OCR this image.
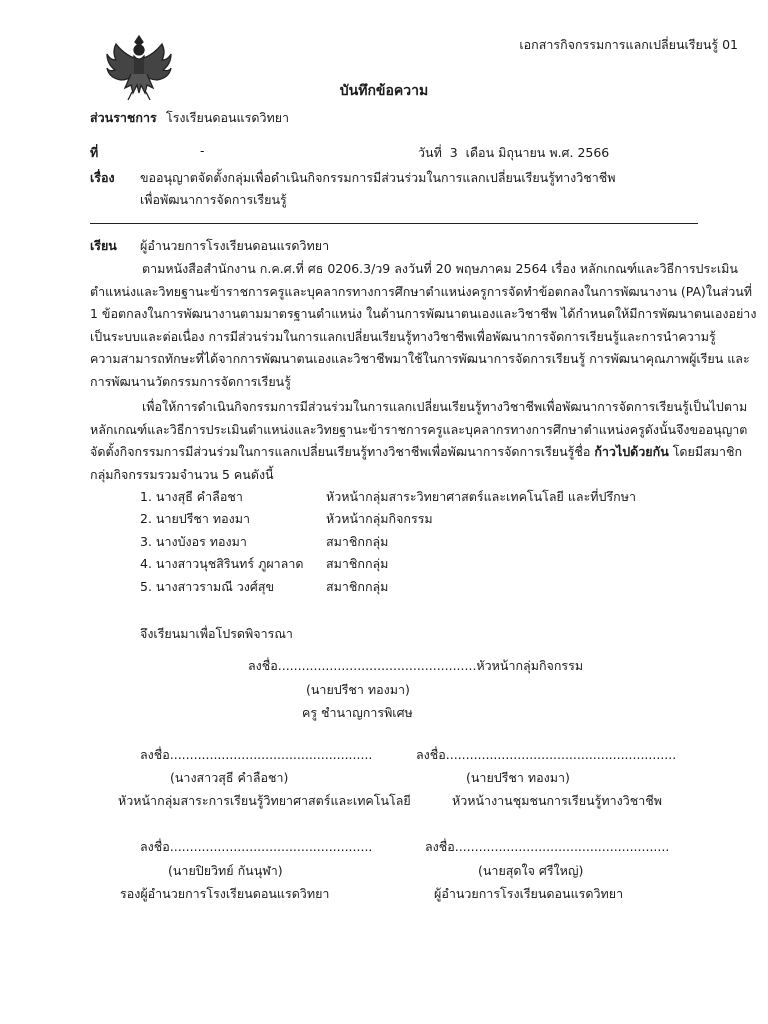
เอกสารกิจกรรมการแลกเปลี่ยนเรียนรู้ 01
บันทึกข้อความ
ส่วนราชการ โรงเรียนดอนแรดวิทยา
ที่	-	วันที่ 3 เดือน มิถุนายน พ.ศ. 2566
เรื่อง ขออนุญาตจัดตั้งกลุ่มเพื่อดำเนินกิจกรรมการมีส่วนร่วมในการแลกเปลี่ยนเรียนรู้ทางวิชาชีพ
เพื่อพัฒนาการจัดการเรียนรู้
เรียน ผู้อำนวยการโรงเรียนดอนแรดวิทยา
ตามหนังสือสำนักงาน ก.ค.ศ.ที่ ศธ 0206.3/ว9 ลงวันที่ 20 พฤษภาคม 2564 เรื่อง หลักเกณฑ์และวิธีการประเมิน
ตำแหน่งและวิทยฐานะข้าราชการครูและบุคลากรทางการศึกษาตำแหน่งครูการจัดทำข้อตกลงในการพัฒนางาน (PA)ในส่วนที่
1 ข้อตกลงในการพัฒนางานตามมาตรฐานตำแหน่ง ในด้านการพัฒนาตนเองและวิชาชีพ ได้กำหนดให้มีการพัฒนาตนเองอย่าง
เป็นระบบและต่อเนื่อง การมีส่วนร่วมในการแลกเปลี่ยนเรียนรู้ทางวิชาชีพเพื่อพัฒนาการจัดการเรียนรู้และการนำความรู้
ความสามารถทักษะที่ได้จากการพัฒนาตนเองและวิชาชีพมาใช้ในการพัฒนาการจัดการเรียนรู้ การพัฒนาคุณภาพผู้เรียน และ
การพัฒนานวัตกรรมการจัดการเรียนรู้
เพื่อให้การดำเนินกิจกรรมการมีส่วนร่วมในการแลกเปลี่ยนเรียนรู้ทางวิชาชีพเพื่อพัฒนาการจัดการเรียนรู้เป็นไปตาม
หลักเกณฑ์และวิธีการประเมินตำแหน่งและวิทยฐานะข้าราชการครูและบุคลากรทางการศึกษาตำแหน่งครูดังนั้นจึงขออนุญาต
จัดตั้งกิจกรรมการมีส่วนร่วมในการแลกเปลี่ยนเรียนรู้ทางวิชาชีพเพื่อพัฒนาการจัดการเรียนรู้ชื่อ ก้าวไปด้วยกัน โดยมีสมาชิก
กลุ่มกิจกรรมรวมจำนวน 5 คนดังนี้
1. นางสุธี คำลือชา	หัวหน้ากลุ่มสาระวิทยาศาสตร์และเทคโนโลยี และที่ปรึกษา
2. นายปรีชา ทองมา	หัวหน้ากลุ่มกิจกรรม
3. นางบังอร ทองมา	สมาชิกกลุ่ม
4. นางสาวนุชสิรินทร์ ภูผาลาด สมาชิกกลุ่ม
5. นางสาวรามณี วงศ์สุข	สมาชิกกลุ่ม
จึงเรียนมาเพื่อโปรดพิจารณา
ลงชื่อ..................................................หัวหน้ากลุ่มกิจกรรม
(นายปรีชา ทองมา)
ครู ชำนาญการพิเศษ
ลงชื่อ...................................................
(นางสาวสุธี คำลือชา)
หัวหน้ากลุ่มสาระการเรียนรู้วิทยาศาสตร์และเทคโนโลยี
ลงชื่อ..........................................................
(นายปรีชา ทองมา)
หัวหน้างานชุมชนการเรียนรู้ทางวิชาชีพ
ลงชื่อ...................................................
(นายปิยวิทย์ กันนุฬา)
รองผู้อำนวยการโรงเรียนดอนแรดวิทยา
ลงชื่อ......................................................
(นายสุดใจ ศรีใหญ่)
ผู้อำนวยการโรงเรียนดอนแรดวิทยา
